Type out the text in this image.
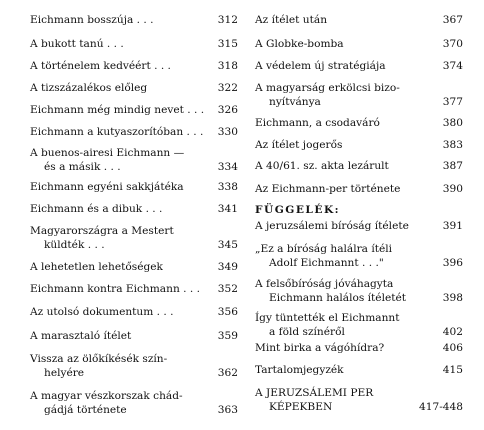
Eichmann bosszúja . . .	312
A bukott tanú . . .	315
A történelem kedvéért . . .	318
A tizszázalékos előleg	322
Eichmann még mindig nevet . . . 326
Eichmann a kutyaszorítóban . . . 330
A buenos-airesi Eichmann —
és a másik . . .	334
Eichmann egyéni sakkjátéka	338
Eichmann és a dibuk . . .	341
Magyarországra a Mestert
küldték . . .	345
A lehetetlen lehetőségek	349
Eichmann kontra Eichmann . . . 352
Az utolsó dokumentum . . .	356
A marasztaló ítélet	359
Vissza az ölőkíkésék szín-
helyére	362
A magyar vészkorszak chád-
gádjá története	363
Az ítélet után	367
A Globke-bomba	370
A védelem új stratégiája	374
A magyarság erkölcsi bizo-
nyítványa	377
Eichmann, a csodaváró	380
Az ítélet jogerős	383
A 40/61. sz. akta lezárult	387
Az Eichmann-per története	390
FÜGGELÉK:
A jeruzsálemi bíróság ítélete	391
„Ez a bíróság halálra ítéli
Adolf Eichmannt . . ."	396
A felsőbíróság jóváhagyta
Eichmann halálos ítéletét	398
Így tüntették el Eichmannt
a föld színéről	402
Mint birka a vágóhídra?	406
Tartalomjegyzék	415
A JERUZSÁLEMI PER
KÉPEKBEN	417-448
